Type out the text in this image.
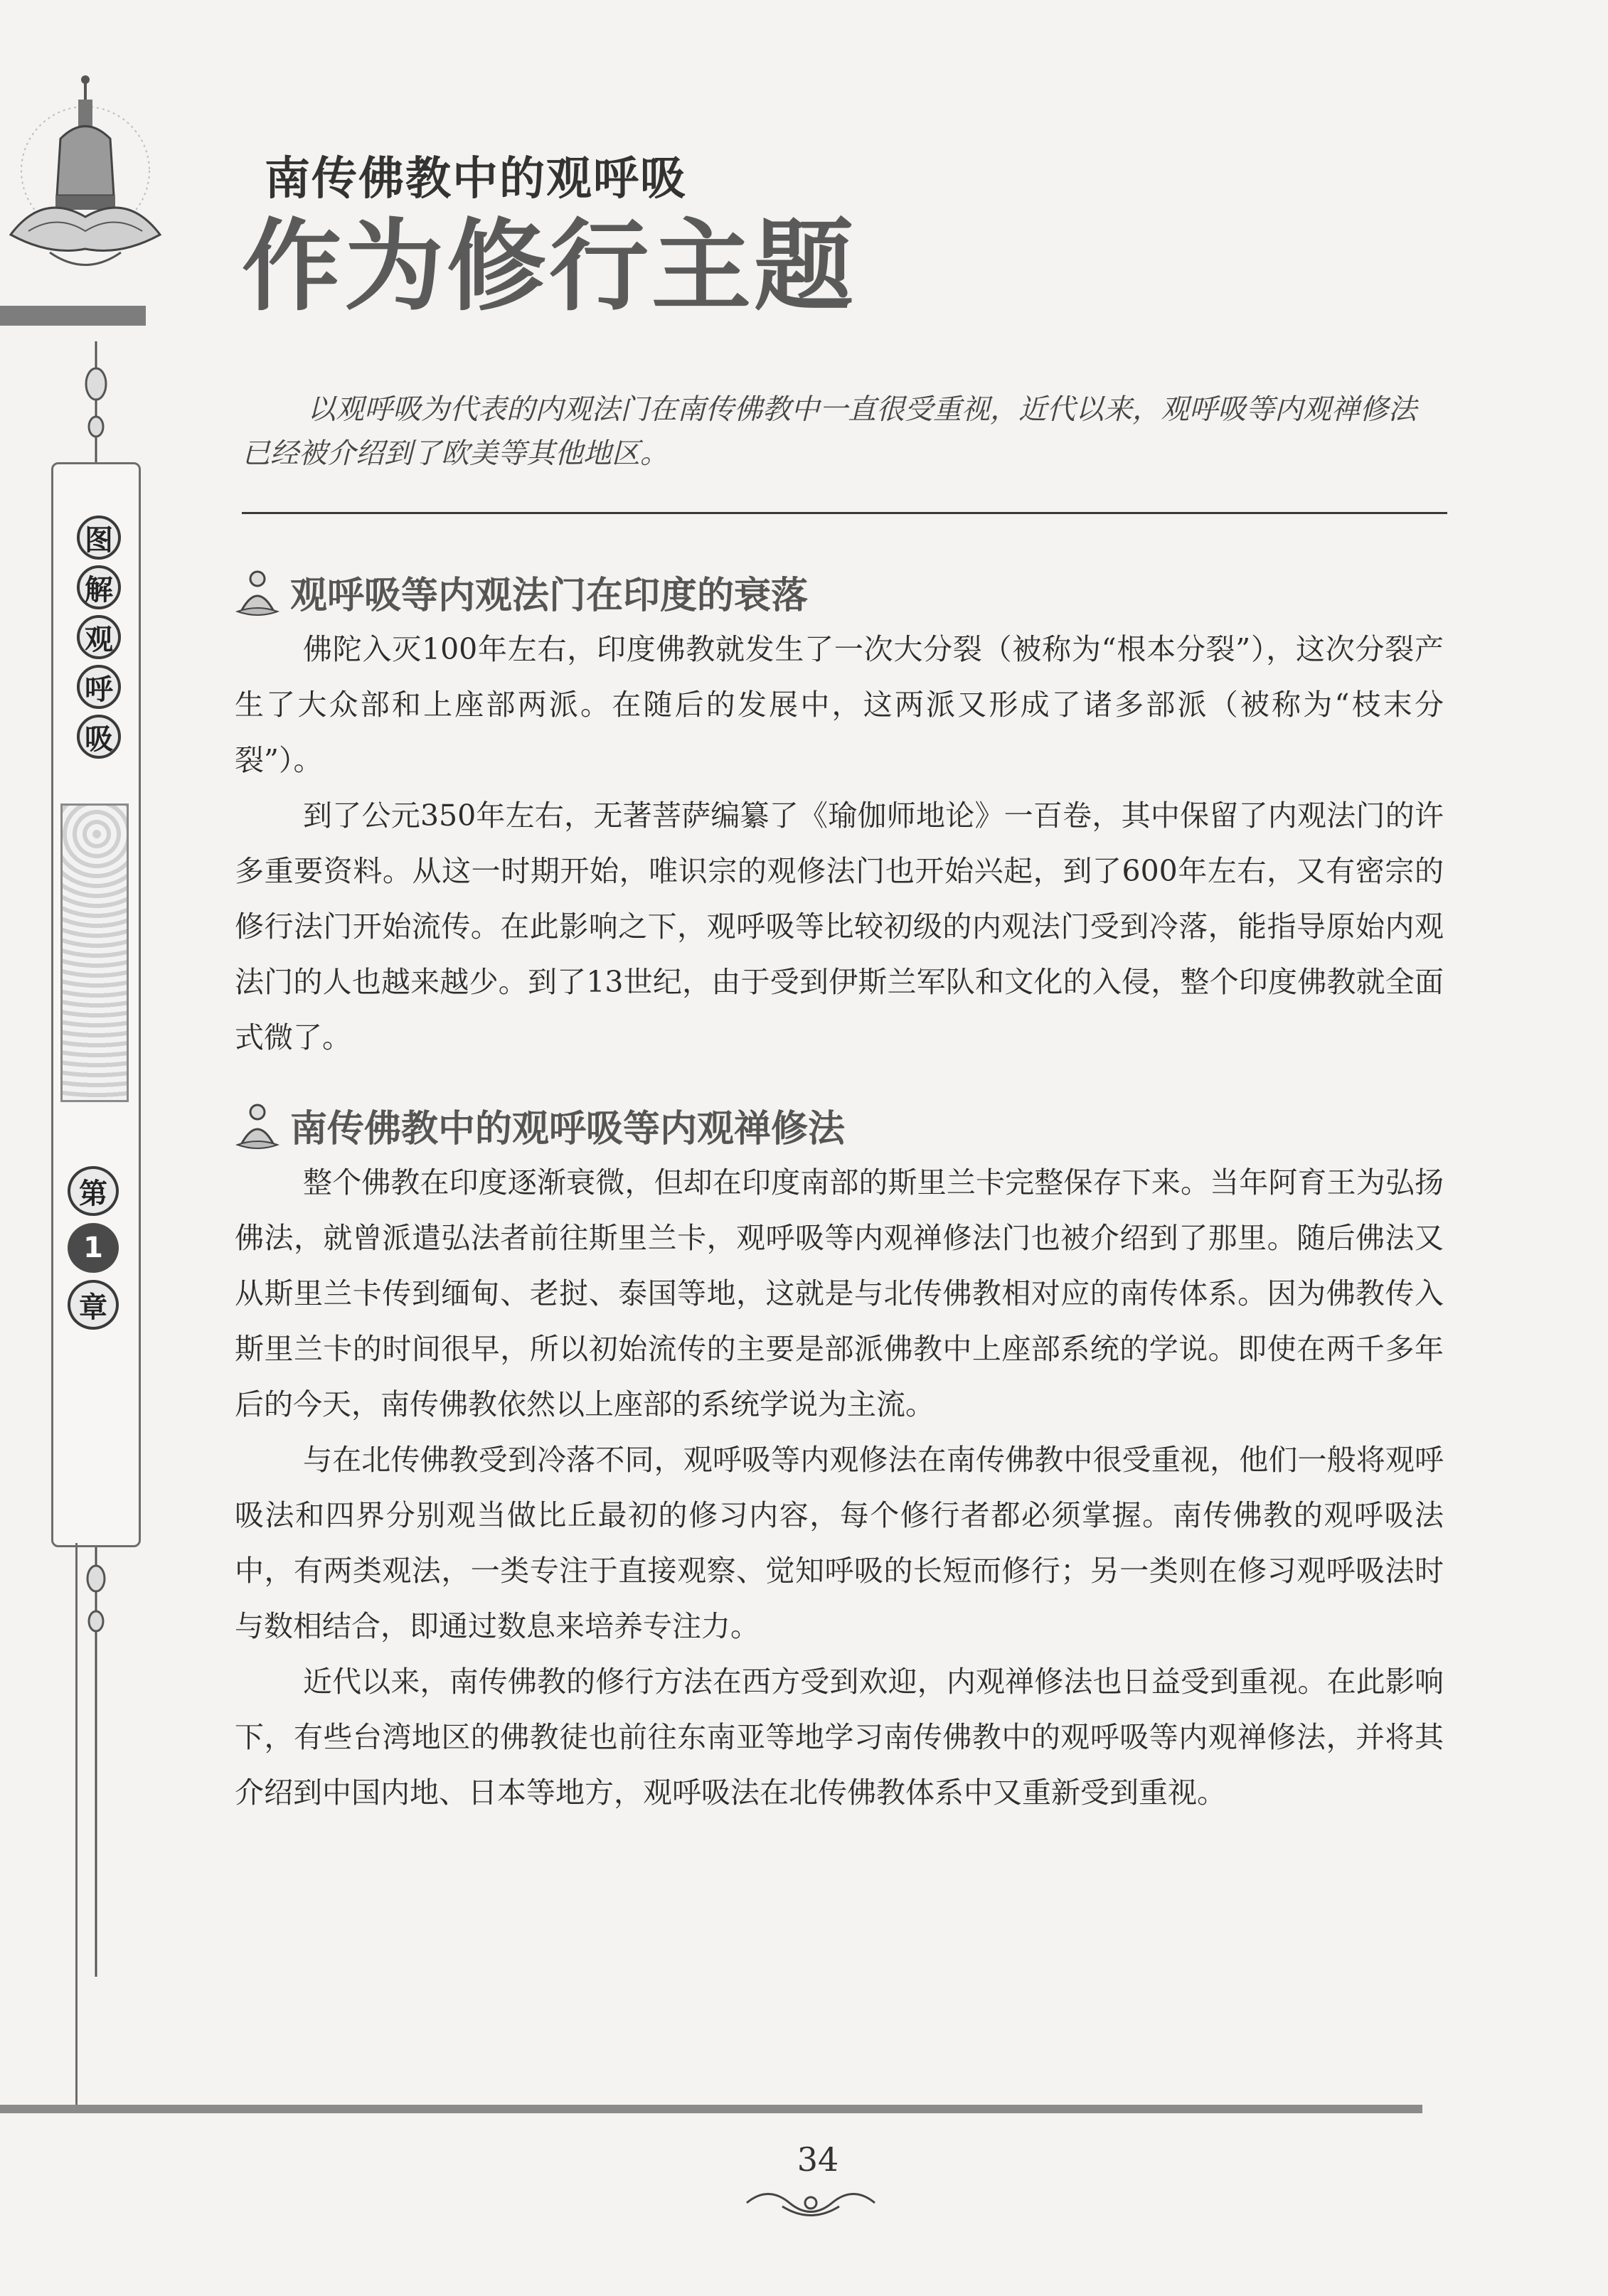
图
解
观
呼
吸
第
1
章
南传佛教中的观呼吸
作为修行主题

以观呼吸为代表的内观法门在南传佛教中一直很受重视，近代以来，观呼吸等内观禅修法已经被介绍到了欧美等其他地区。

观呼吸等内观法门在印度的衰落

佛陀入灭100年左右，印度佛教就发生了一次大分裂（被称为“根本分裂”），这次分裂产生了大众部和上座部两派。在随后的发展中，这两派又形成了诸多部派（被称为“枝末分裂”）。

到了公元350年左右，无著菩萨编纂了《瑜伽师地论》一百卷，其中保留了内观法门的许多重要资料。从这一时期开始，唯识宗的观修法门也开始兴起，到了600年左右，又有密宗的修行法门开始流传。在此影响之下，观呼吸等比较初级的内观法门受到冷落，能指导原始内观法门的人也越来越少。到了13世纪，由于受到伊斯兰军队和文化的入侵，整个印度佛教就全面式微了。

南传佛教中的观呼吸等内观禅修法

整个佛教在印度逐渐衰微，但却在印度南部的斯里兰卡完整保存下来。当年阿育王为弘扬佛法，就曾派遣弘法者前往斯里兰卡，观呼吸等内观禅修法门也被介绍到了那里。随后佛法又从斯里兰卡传到缅甸、老挝、泰国等地，这就是与北传佛教相对应的南传体系。因为佛教传入斯里兰卡的时间很早，所以初始流传的主要是部派佛教中上座部系统的学说。即使在两千多年后的今天，南传佛教依然以上座部的系统学说为主流。

与在北传佛教受到冷落不同，观呼吸等内观修法在南传佛教中很受重视，他们一般将观呼吸法和四界分别观当做比丘最初的修习内容，每个修行者都必须掌握。南传佛教的观呼吸法中，有两类观法，一类专注于直接观察、觉知呼吸的长短而修行；另一类则在修习观呼吸法时与数相结合，即通过数息来培养专注力。

近代以来，南传佛教的修行方法在西方受到欢迎，内观禅修法也日益受到重视。在此影响下，有些台湾地区的佛教徒也前往东南亚等地学习南传佛教中的观呼吸等内观禅修法，并将其介绍到中国内地、日本等地方，观呼吸法在北传佛教体系中又重新受到重视。

34
